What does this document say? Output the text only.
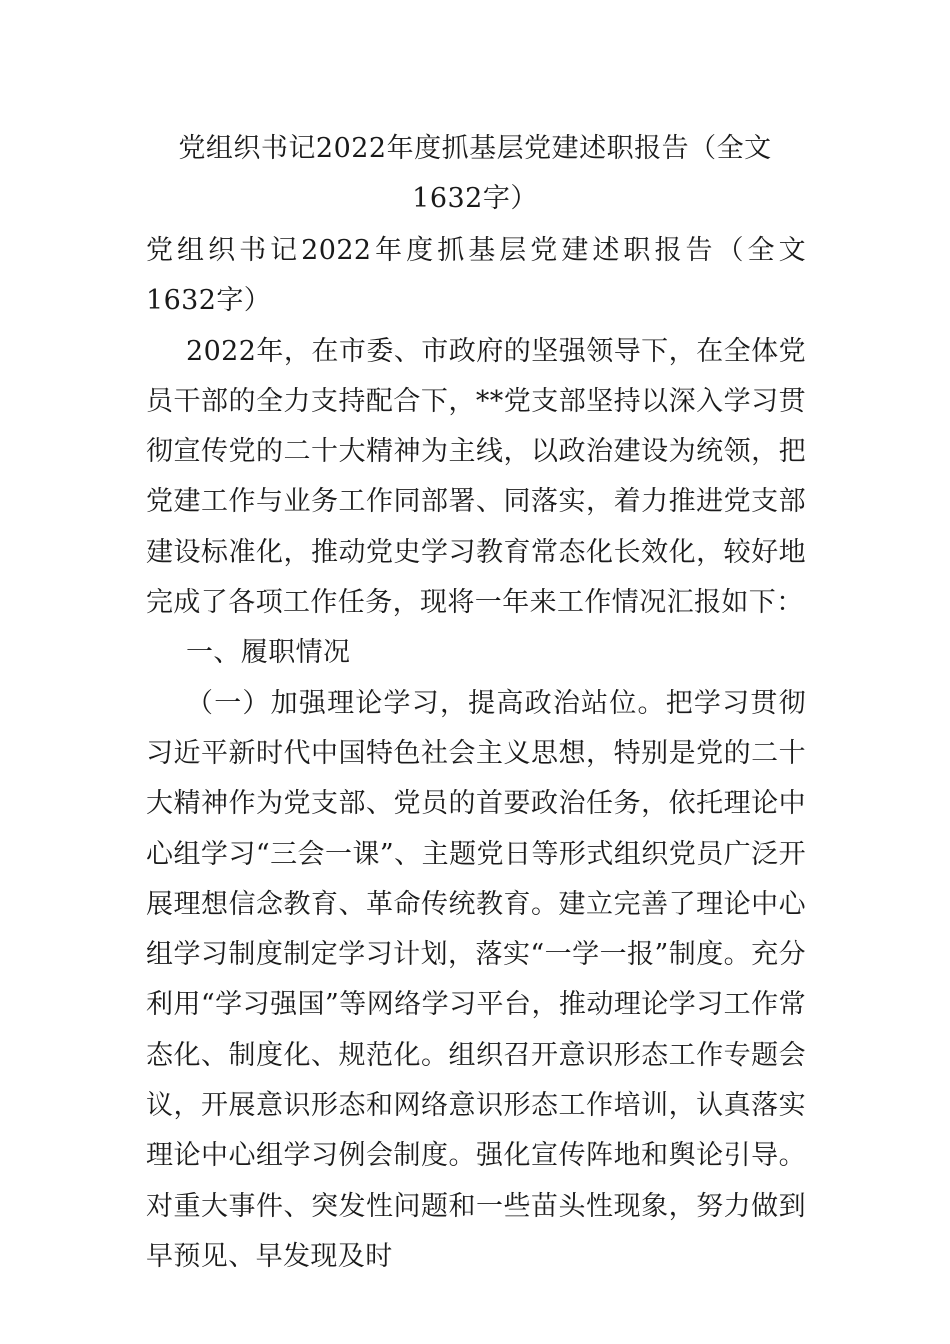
党组织书记2022年度抓基层党建述职报告（全文1632字）

党组织书记2022年度抓基层党建述职报告（全文1632字）

2022年，在市委、市政府的坚强领导下，在全体党员干部的全力支持配合下，**党支部坚持以深入学习贯彻宣传党的二十大精神为主线，以政治建设为统领，把党建工作与业务工作同部署、同落实，着力推进党支部建设标准化，推动党史学习教育常态化长效化，较好地完成了各项工作任务，现将一年来工作情况汇报如下：

一、履职情况

（一）加强理论学习，提高政治站位。把学习贯彻习近平新时代中国特色社会主义思想，特别是党的二十大精神作为党支部、党员的首要政治任务，依托理论中心组学习“三会一课”、主题党日等形式组织党员广泛开展理想信念教育、革命传统教育。建立完善了理论中心组学习制度制定学习计划，落实“一学一报”制度。充分利用“学习强国”等网络学习平台，推动理论学习工作常态化、制度化、规范化。组织召开意识形态工作专题会议，开展意识形态和网络意识形态工作培训，认真落实理论中心组学习例会制度。强化宣传阵地和舆论引导。对重大事件、突发性问题和一些苗头性现象，努力做到早预见、早发现及时
